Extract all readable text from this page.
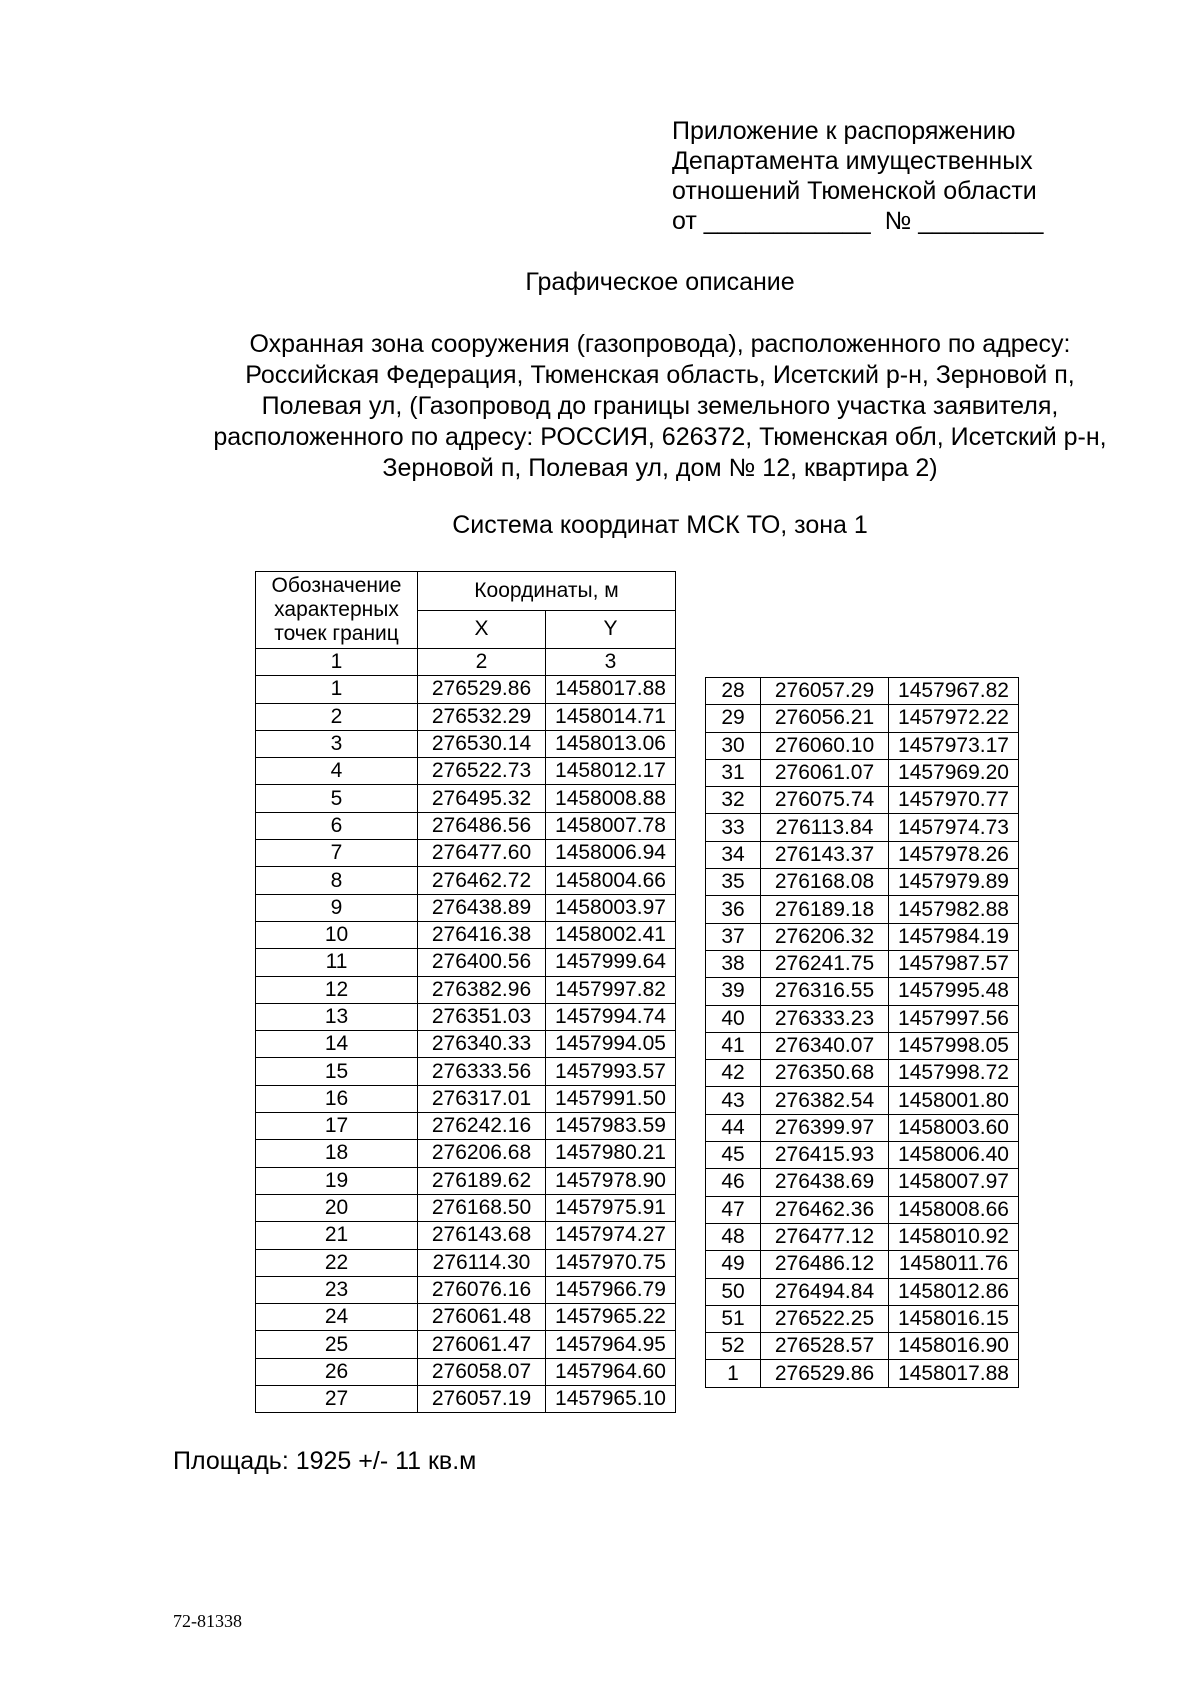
Приложение к распоряжению
Департамента имущественных
отношений Тюменской области
от ____________  № _________
Графическое описание
Охранная зона сооружения (газопровода), расположенного по адресу:
Российская Федерация, Тюменская область, Исетский р-н, Зерновой п,
Полевая ул, (Газопровод до границы земельного участка заявителя,
расположенного по адресу: РОССИЯ, 626372, Тюменская обл, Исетский р-н,
Зерновой п, Полевая ул, дом № 12, квартира 2)
Система координат МСК ТО, зона 1
Обозначение характерных точек границ	Координаты, м	
	X	Y
1	2	3
1	276529.86	1458017.88
2	276532.29	1458014.71
3	276530.14	1458013.06
4	276522.73	1458012.17
5	276495.32	1458008.88
6	276486.56	1458007.78
7	276477.60	1458006.94
8	276462.72	1458004.66
9	276438.89	1458003.97
10	276416.38	1458002.41
11	276400.56	1457999.64
12	276382.96	1457997.82
13	276351.03	1457994.74
14	276340.33	1457994.05
15	276333.56	1457993.57
16	276317.01	1457991.50
17	276242.16	1457983.59
18	276206.68	1457980.21
19	276189.62	1457978.90
20	276168.50	1457975.91
21	276143.68	1457974.27
22	276114.30	1457970.75
23	276076.16	1457966.79
24	276061.48	1457965.22
25	276061.47	1457964.95
26	276058.07	1457964.60
27	276057.19	1457965.10
28	276057.29	1457967.82
29	276056.21	1457972.22
30	276060.10	1457973.17
31	276061.07	1457969.20
32	276075.74	1457970.77
33	276113.84	1457974.73
34	276143.37	1457978.26
35	276168.08	1457979.89
36	276189.18	1457982.88
37	276206.32	1457984.19
38	276241.75	1457987.57
39	276316.55	1457995.48
40	276333.23	1457997.56
41	276340.07	1457998.05
42	276350.68	1457998.72
43	276382.54	1458001.80
44	276399.97	1458003.60
45	276415.93	1458006.40
46	276438.69	1458007.97
47	276462.36	1458008.66
48	276477.12	1458010.92
49	276486.12	1458011.76
50	276494.84	1458012.86
51	276522.25	1458016.15
52	276528.57	1458016.90
1	276529.86	1458017.88
Площадь: 1925 +/- 11 кв.м
72-81338
